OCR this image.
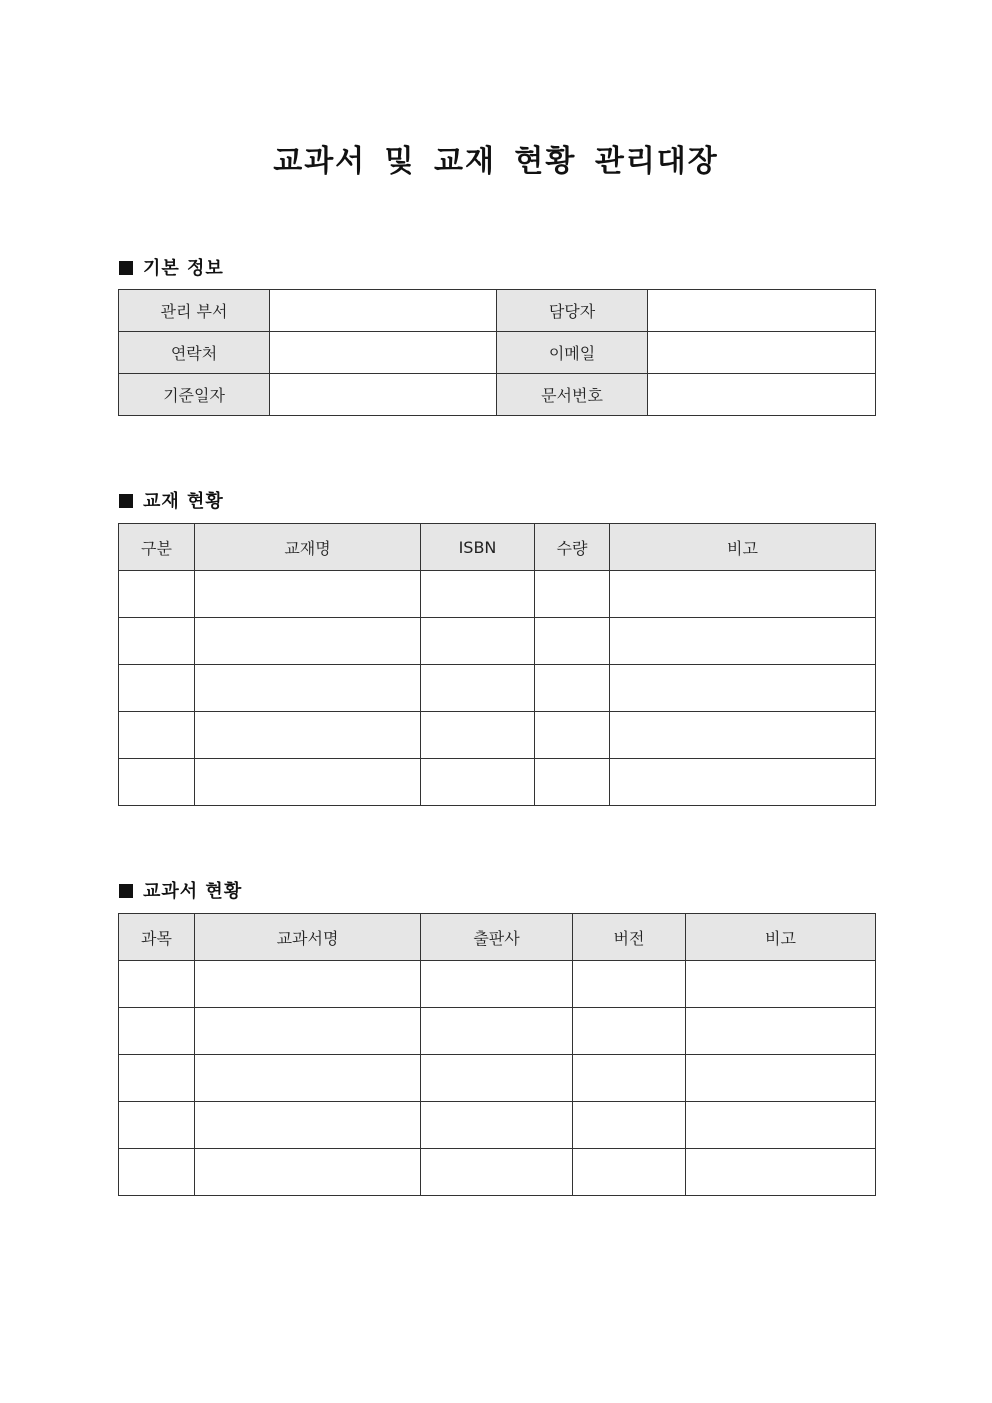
교과서 및 교재 현황 관리대장
기본 정보
관리 부서		담당자	
연락처		이메일	
기준일자		문서번호	
교재 현황
구분	교재명	ISBN	수량	비고

교과서 현황
과목	교과서명	출판사	버전	비고
